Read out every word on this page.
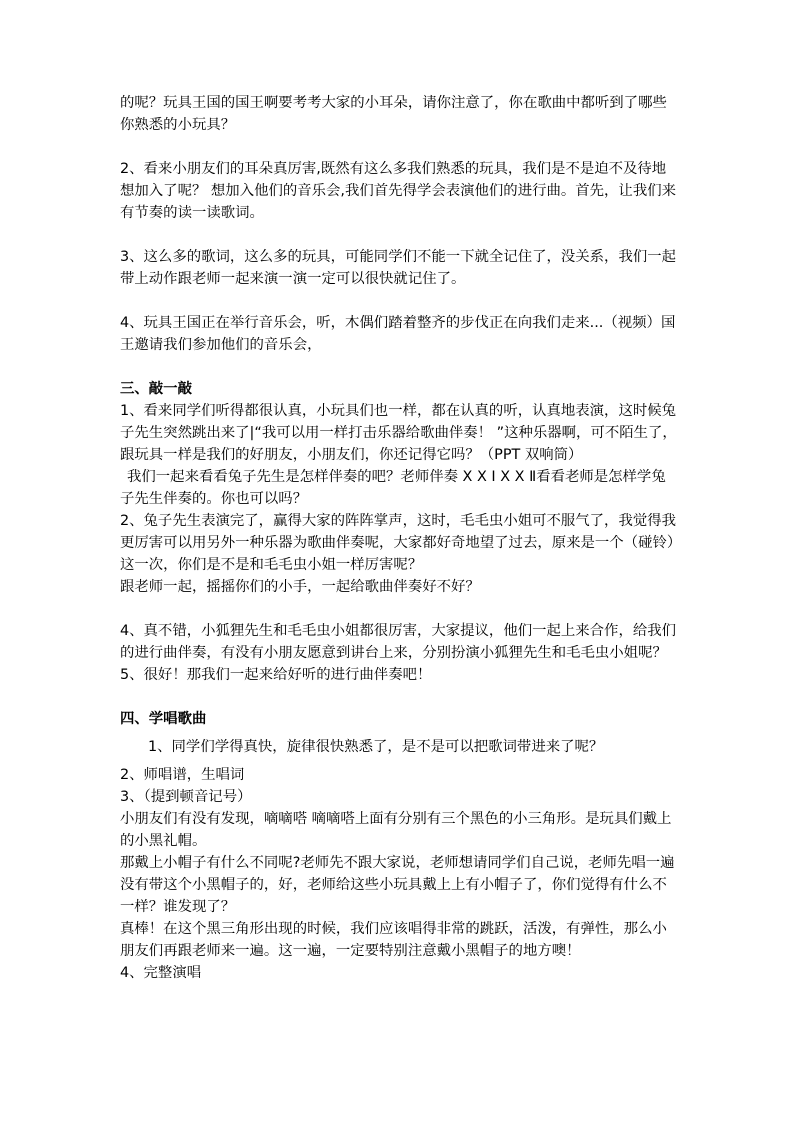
的呢？玩具王国的国王啊要考考大家的小耳朵，请你注意了，你在歌曲中都听到了哪些你熟悉的小玩具？

2、看来小朋友们的耳朵真厉害,既然有这么多我们熟悉的玩具，我们是不是迫不及待地想加入了呢？ 想加入他们的音乐会,我们首先得学会表演他们的进行曲。首先，让我们来有节奏的读一读歌词。

3、这么多的歌词，这么多的玩具，可能同学们不能一下就全记住了，没关系，我们一起带上动作跟老师一起来演一演一定可以很快就记住了。

4、玩具王国正在举行音乐会，听，木偶们踏着整齐的步伐正在向我们走来...（视频）国王邀请我们参加他们的音乐会，

三、敲一敲

1、看来同学们听得都很认真，小玩具们也一样，都在认真的听，认真地表演，这时候兔子先生突然跳出来了|“我可以用一样打击乐器给歌曲伴奏！ ”这种乐器啊，可不陌生了，跟玩具一样是我们的好朋友，小朋友们，你还记得它吗？（PPT 双响筒）

我们一起来看看兔子先生是怎样伴奏的吧？老师伴奏 X X I X X Ⅱ看看老师是怎样学兔子先生伴奏的。你也可以吗？

2、兔子先生表演完了，赢得大家的阵阵掌声，这时，毛毛虫小姐可不服气了，我觉得我更厉害可以用另外一种乐器为歌曲伴奏呢，大家都好奇地望了过去，原来是一个（碰铃）

这一次，你们是不是和毛毛虫小姐一样厉害呢？

跟老师一起，摇摇你们的小手，一起给歌曲伴奏好不好？

4、真不错，小狐狸先生和毛毛虫小姐都很厉害，大家提议，他们一起上来合作，给我们的进行曲伴奏，有没有小朋友愿意到讲台上来，分别扮演小狐狸先生和毛毛虫小姐呢？

5、很好！那我们一起来给好听的进行曲伴奏吧！

四、学唱歌曲

1、同学们学得真快，旋律很快熟悉了，是不是可以把歌词带进来了呢？

2、师唱谱，生唱词

3、（提到顿音记号）

小朋友们有没有发现，嘀嘀嗒 嘀嘀嗒上面有分别有三个黑色的小三角形。是玩具们戴上的小黑礼帽。

那戴上小帽子有什么不同呢?老师先不跟大家说，老师想请同学们自己说，老师先唱一遍没有带这个小黑帽子的，好，老师给这些小玩具戴上上有小帽子了，你们觉得有什么不一样？谁发现了？

真棒！在这个黑三角形出现的时候，我们应该唱得非常的跳跃，活泼，有弹性，那么小朋友们再跟老师来一遍。这一遍，一定要特别注意戴小黑帽子的地方噢！

4、完整演唱
